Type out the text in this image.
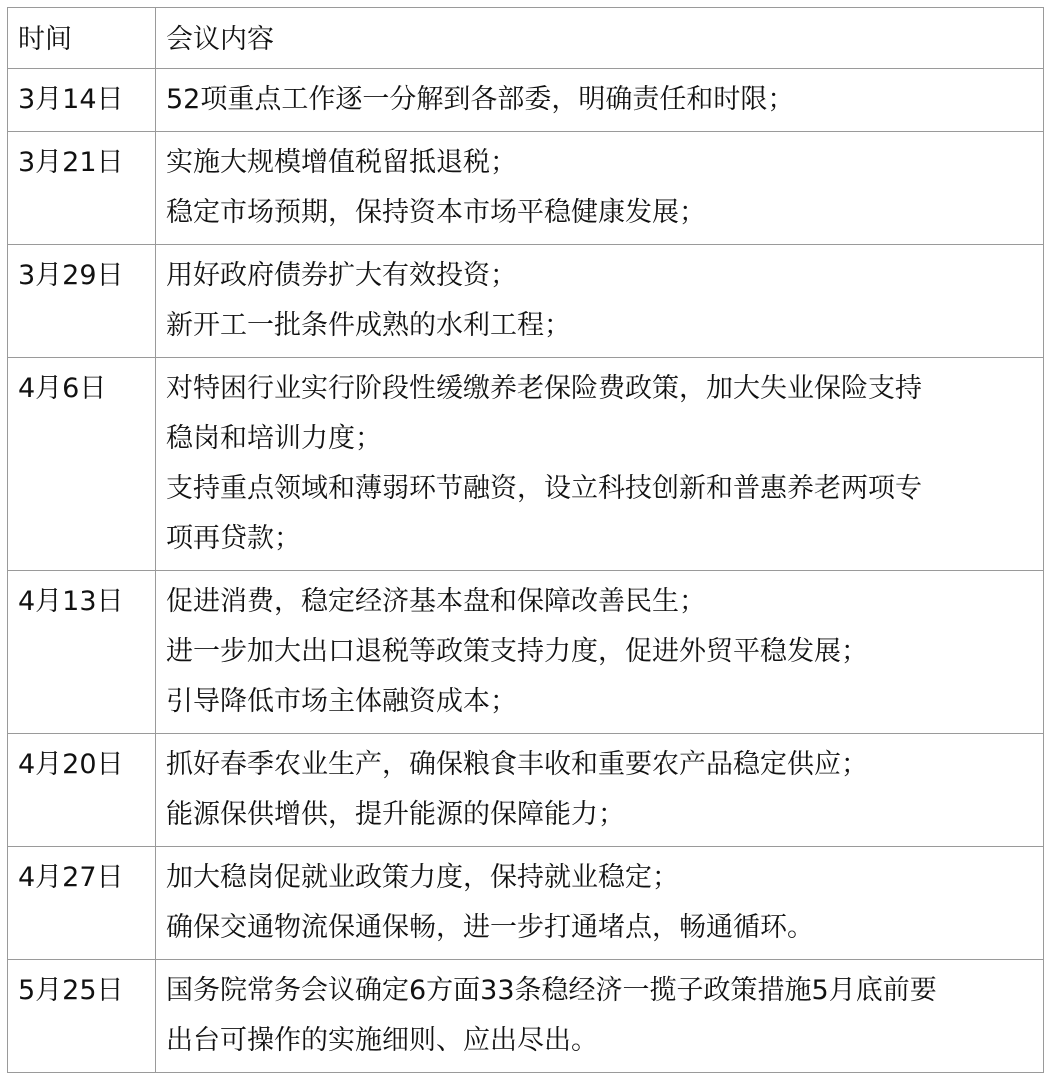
时间	会议内容
3月14日	52项重点工作逐一分解到各部委，明确责任和时限；

3月21日	实施大规模增值税留抵退税；
稳定市场预期，保持资本市场平稳健康发展；

3月29日	用好政府债券扩大有效投资；
新开工一批条件成熟的水利工程；

4月6日	对特困行业实行阶段性缓缴养老保险费政策，加大失业保险支持
稳岗和培训力度；
支持重点领域和薄弱环节融资，设立科技创新和普惠养老两项专
项再贷款；

4月13日	促进消费，稳定经济基本盘和保障改善民生；
进一步加大出口退税等政策支持力度，促进外贸平稳发展；
引导降低市场主体融资成本；

4月20日	抓好春季农业生产，确保粮食丰收和重要农产品稳定供应；
能源保供增供，提升能源的保障能力；

4月27日	加大稳岗促就业政策力度，保持就业稳定；
确保交通物流保通保畅，进一步打通堵点，畅通循环。

5月25日	国务院常务会议确定6方面33条稳经济一揽子政策措施5月底前要
出台可操作的实施细则、应出尽出。
